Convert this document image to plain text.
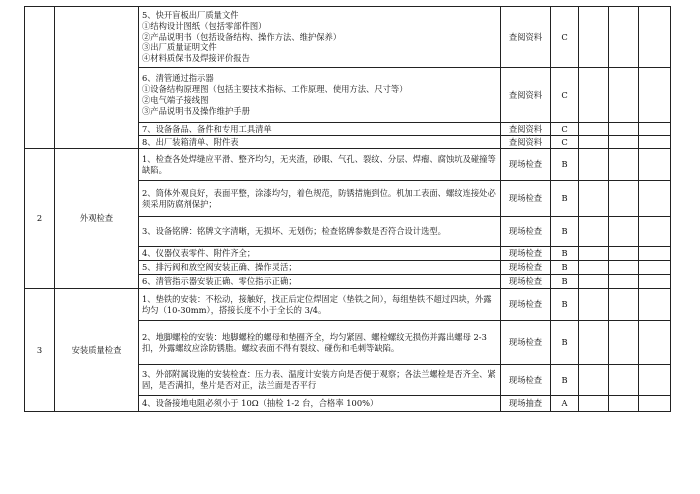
		5、快开盲板出厂质量文件
①结构设计图纸（包括零部件图）
②产品说明书（包括设备结构、操作方法、维护保养）
③出厂质量证明文件
④材料质保书及焊接评价报告	查阅资料	C			

		6、清管通过指示器
①设备结构原理图（包括主要技术指标、工作原理、使用方法、尺寸等）
②电气端子接线图
③产品说明书及操作维护手册	查阅资料	C			

		7、设备备品、备件和专用工具清单	查阅资料	C			

		8、出厂装箱清单、附件表	查阅资料	C			
2	外观检查	1、检查各处焊缝应平滑、整齐均匀，无夹渣，砂眼、气孔、裂纹、分层、焊瘤、腐蚀坑及碰撞等缺陷。	现场检查	B			

		2、筒体外观良好，表面平整，涂漆均匀，着色规范，防锈措施到位。机加工表面、螺纹连接处必须采用防腐剂保护；	现场检查	B			

		3、设备铭牌：铭牌文字清晰，无损坏、无划伤；检查铭牌参数是否符合设计选型。	现场检查	B			

		4、仪器仪表零件、附件齐全；	现场检查	B			

		5、排污阀和放空阀安装正确、操作灵活；	现场检查	B			

		6、清管指示器安装正确、零位指示正确；	现场检查	B			
3	安装质量检查	1、垫铁的安装：不松动，接触好，找正后定位焊固定（垫铁之间），每组垫铁不超过四块，外露均匀（10-30mm），搭接长度不小于全长的 3/4。	现场检查	B			

		2、地脚螺栓的安装：地脚螺栓的螺母和垫圈齐全，均匀紧固、螺栓螺纹无损伤并露出螺母 2-3 扣，外露螺纹应涂防锈脂。螺纹表面不得有裂纹、碰伤和毛刺等缺陷。	现场检查	B			

		3、外部附属设施的安装检查：压力表、温度计安装方向是否便于观察；各法兰螺栓是否齐全、紧固，是否满扣，垫片是否对正，法兰面是否平行	现场检查	B			

		4、设备接地电阻必须小于 10Ω（抽检 1-2 台，合格率 100%）	现场抽查	A			
